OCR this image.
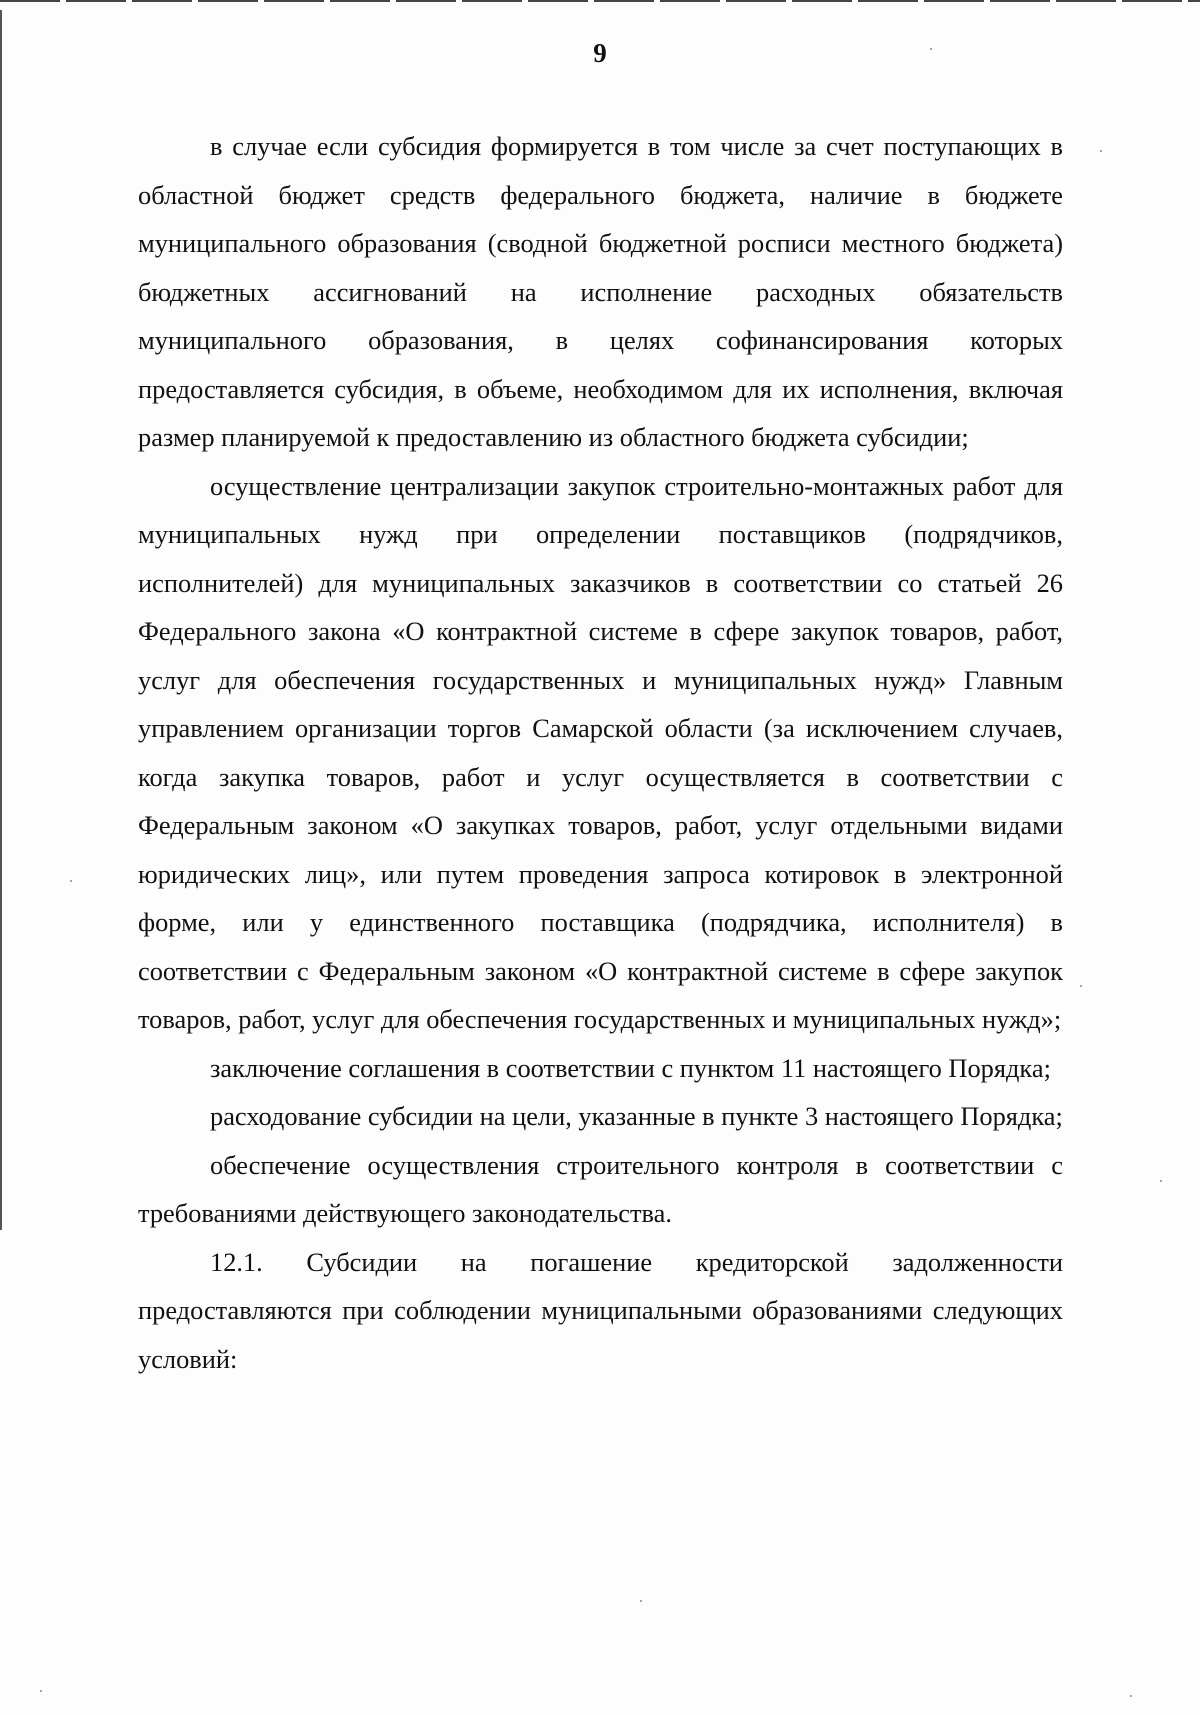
9

в случае если субсидия формируется в том числе за счет поступающих в областной бюджет средств федерального бюджета, наличие в бюджете муниципального образования (сводной бюджетной росписи местного бюджета) бюджетных ассигнований на исполнение расходных обязательств муниципального образования, в целях софинансирования которых предоставляется субсидия, в объеме, необходимом для их исполнения, включая размер планируемой к предоставлению из областного бюджета субсидии;

осуществление централизации закупок строительно-монтажных работ для муниципальных нужд при определении поставщиков (подрядчиков, исполнителей) для муниципальных заказчиков в соответствии со статьей 26 Федерального закона «О контрактной системе в сфере закупок товаров, работ, услуг для обеспечения государственных и муниципальных нужд» Главным управлением организации торгов Самарской области (за исключением случаев, когда закупка товаров, работ и услуг осуществляется в соответствии с Федеральным законом «О закупках товаров, работ, услуг отдельными видами юридических лиц», или путем проведения запроса котировок в электронной форме, или у единственного поставщика (подрядчика, исполнителя) в соответствии с Федеральным законом «О контрактной системе в сфере закупок товаров, работ, услуг для обеспечения государственных и муниципальных нужд»;

заключение соглашения в соответствии с пунктом 11 настоящего Порядка;

расходование субсидии на цели, указанные в пункте 3 настоящего Порядка;

обеспечение осуществления строительного контроля в соответствии с требованиями действующего законодательства.

12.1. Субсидии на погашение кредиторской задолженности предоставляются при соблюдении муниципальными образованиями следующих условий:
